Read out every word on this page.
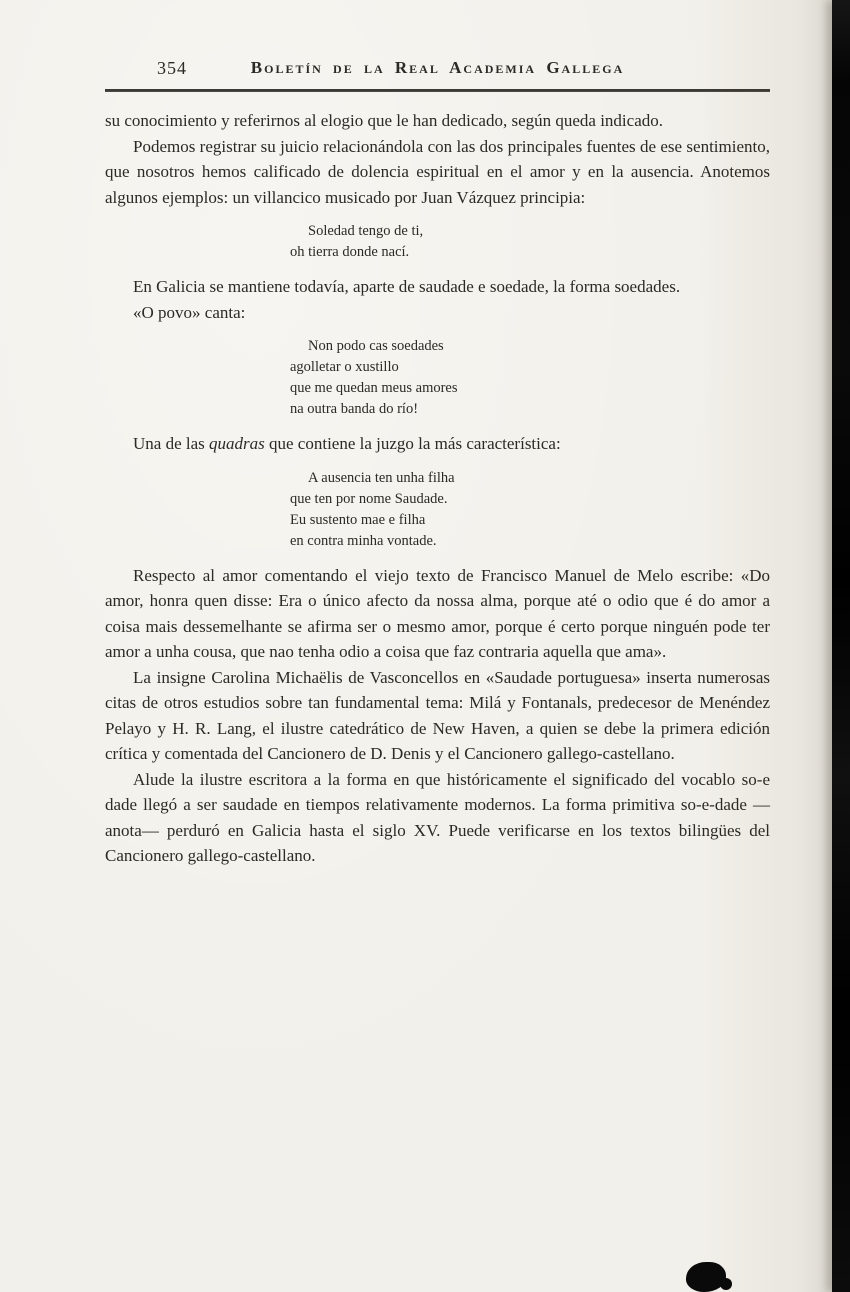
354	Boletín de la Real Academia Gallega

su conocimiento y referirnos al elogio que le han dedicado, según queda indicado.

Podemos registrar su juicio relacionándola con las dos principales fuentes de ese sentimiento, que nosotros hemos calificado de dolencia espiritual en el amor y en la ausencia. Anotemos algunos ejemplos: un villancico musicado por Juan Vázquez principia:

Soledad tengo de ti,
oh tierra donde nací.

En Galicia se mantiene todavía, aparte de saudade e soedade, la forma soedades.

«O povo» canta:

Non podo cas soedades
agolletar o xustillo
que me quedan meus amores
na outra banda do río!

Una de las quadras que contiene la juzgo la más característica:

A ausencia ten unha filha
que ten por nome Saudade.
Eu sustento mae e filha
en contra minha vontade.

Respecto al amor comentando el viejo texto de Francisco Manuel de Melo escribe: «Do amor, honra quen disse: Era o único afecto da nossa alma, porque até o odio que é do amor a coisa mais dessemelhante se afirma ser o mesmo amor, porque é certo porque ninguén pode ter amor a unha cousa, que nao tenha odio a coisa que faz contraria aquella que ama».

La insigne Carolina Michaëlis de Vasconcellos en «Saudade portuguesa» inserta numerosas citas de otros estudios sobre tan fundamental tema: Milá y Fontanals, predecesor de Menéndez Pelayo y H. R. Lang, el ilustre catedrático de New Haven, a quien se debe la primera edición crítica y comentada del Cancionero de D. Denis y el Cancionero gallego-castellano.

Alude la ilustre escritora a la forma en que históricamente el significado del vocablo so-e dade llegó a ser saudade en tiempos relativamente modernos. La forma primitiva so-e-dade —anota— perduró en Galicia hasta el siglo XV. Puede verificarse en los textos bilingües del Cancionero gallego-castellano.
